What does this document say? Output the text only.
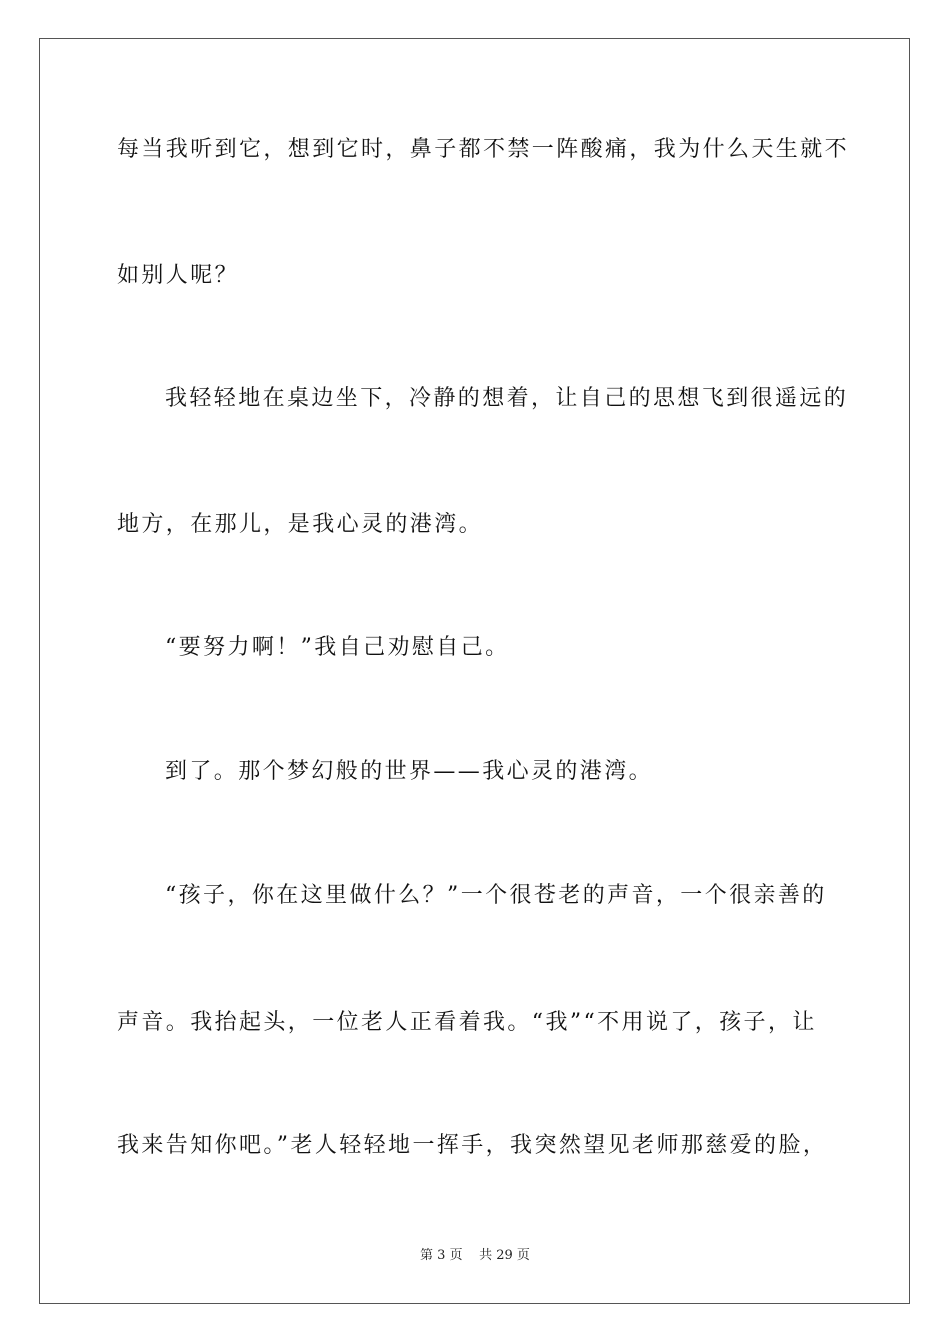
每当我听到它，想到它时，鼻子都不禁一阵酸痛，我为什么天生就不
如别人呢？
我轻轻地在桌边坐下，冷静的想着，让自己的思想飞到很遥远的
地方，在那儿，是我心灵的港湾。
“要努力啊！”我自己劝慰自己。
到了。那个梦幻般的世界——我心灵的港湾。
“孩子，你在这里做什么？”一个很苍老的声音，一个很亲善的
声音。我抬起头，一位老人正看着我。“我”“不用说了，孩子，让
我来告知你吧。”老人轻轻地一挥手，我突然望见老师那慈爱的脸，
第 3 页 共 29 页
